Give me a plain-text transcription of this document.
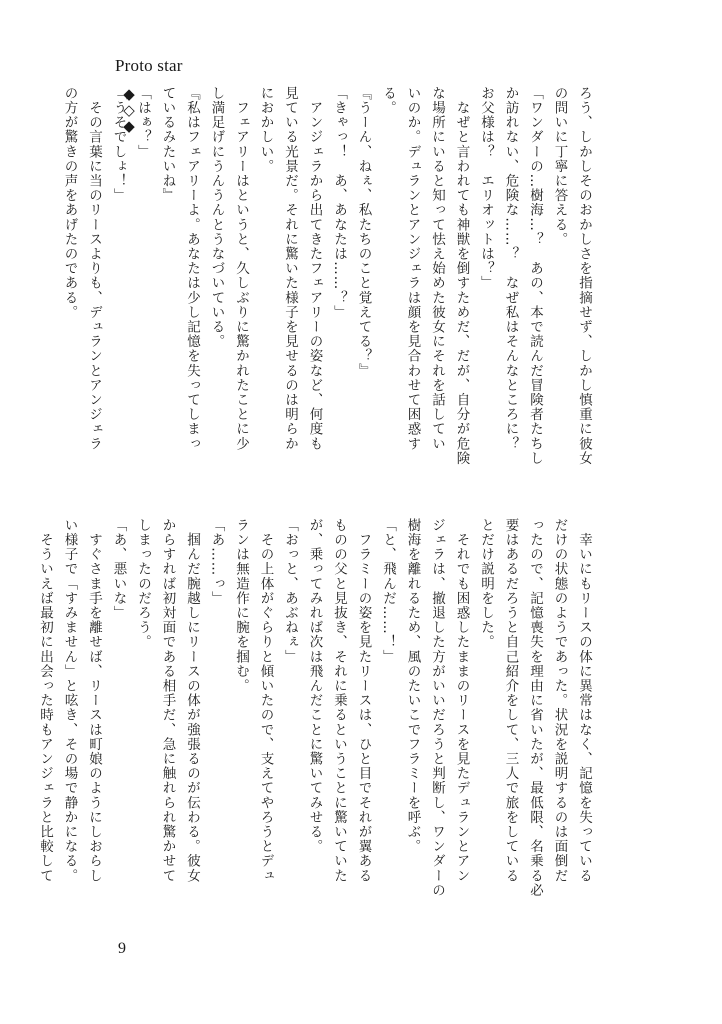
Proto star
◆
◇
◆	ろう、しかしそのおかしさを指摘せず、しかし慎重に彼女

の問いに丁寧に答える。

「ワンダーの…樹海…？　あの、本で読んだ冒険者たちし

か訪れない、危険な……？　なぜ私はそんなところに？

お父様は？　エリオットは？」

　なぜと言われても神獣を倒すためだ、だが、自分が危険

な場所にいると知って怯え始めた彼女にそれを話してい

いのか。デュランとアンジェラは顔を見合わせて困惑す

る。

『うーん、ねぇ、私たちのこと覚えてる？』

「きゃっ！　あ、あなたは……？」

　アンジェラから出てきたフェアリーの姿など、何度も

見ている光景だ。それに驚いた様子を見せるのは明らか

におかしい。

　フェアリーはというと、久しぶりに驚かれたことに少

し満足げにうんうんとうなづいている。

『私はフェアリーよ。あなたは少し記憶を失ってしまっ

ているみたいね』

「はぁ？」

「うそでしょ！」

　その言葉に当のリースよりも、デュランとアンジェラ

の方が驚きの声をあげたのである。

　幸いにもリースの体に異常はなく、記憶を失っている

だけの状態のようであった。状況を説明するのは面倒だ

ったので、記憶喪失を理由に省いたが、最低限、名乗る必

要はあるだろうと自己紹介をして、三人で旅をしている

とだけ説明をした。

　それでも困惑したままのリースを見たデュランとアン

ジェラは、撤退した方がいいだろうと判断し、ワンダーの

樹海を離れるため、風のたいこでフラミーを呼ぶ。

「と、飛んだ……！」

　フラミーの姿を見たリースは、ひと目でそれが翼ある

ものの父と見抜き、それに乗るということに驚いていた

が、乗ってみれば次は飛んだことに驚いてみせる。

「おっと、あぶねぇ」

　その上体がぐらりと傾いたので、支えてやろうとデュ

ランは無造作に腕を掴む。

「あ……っ」

　掴んだ腕越しにリースの体が強張るのが伝わる。彼女

からすれば初対面である相手だ、急に触れられ驚かせて

しまったのだろう。

「あ、悪いな」

　すぐさま手を離せば、リースは町娘のようにしおらし

い様子で「すみません」と呟き、その場で静かになる。

　そういえば最初に出会った時もアンジェラと比較して

9
